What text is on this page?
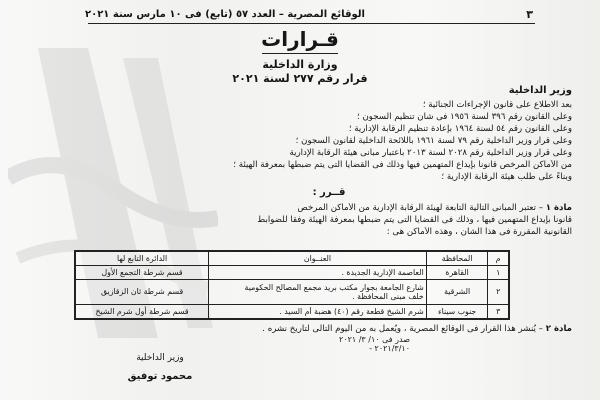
٣
الوقائع المصرية – العدد ٥٧ (تابع) فى ١٠ مارس سنة ٢٠٢١
قـرارات
وزارة الداخلية
قرار رقم ٢٧٧ لسنة ٢٠٢١
وزير الداخلية
بعد الاطلاع على قانون الإجراءات الجنائية ؛
وعلى القانون رقم ٣٩٦ لسنة ١٩٥٦ فى شأن تنظيم السجون ؛
وعلى القانون رقم ٥٤ لسنة ١٩٦٤ بإعادة تنظيم الرقابة الإدارية ؛
وعلى قرار وزير الداخلية رقم ٧٩ لسنة ١٩٦١ باللائحة الداخلية لقانون السجون ؛
وعلى قرار وزير الداخلية رقم ٢٠٢٨ لسنة ٢٠١٣ باعتبار مبانى هيئة الرقابة الإدارية
من الأماكن المرخص قانوناً بإيداع المتهمين فيها وذلك فى القضايا التى يتم ضبطها بمعرفة الهيئة ؛
وبناءً على طلب هيئة الرقابة الإدارية ؛
قــرر :
مادة ١ – تعتبر المبانى التالية التابعة لهيئة الرقابة الإدارية من الأماكن المرخص
قانوناً بإيداع المتهمين فيها ، وذلك فى القضايا التى يتم ضبطها بمعرفة الهيئة وفقاً للضوابط
القانونية المقررة فى هذا الشأن ، وهذه الأماكن هى :
م	المحافظة	العنــوان	الدائرة التابع لها
١	القاهرة	العاصمة الإدارية الجديدة .	قسم شرطة التجمع الأول
٢	الشرقية	شارع الجامعة بجوار مكتب بريد مجمع المصالح الحكومية
خلف مبنى المحافظة .	قسم شرطة ثان الزقازيق
٣	جنوب سيناء	شرم الشيخ قطعة رقم (٤٠) هضبة أم السيد .	قسم شرطة أول شرم الشيخ
مادة ٢ – يُنشر هذا القرار فى الوقائع المصرية ، ويُعمل به من اليوم التالى لتاريخ نشره .
صدر فى ١٠/ ٣/ ٢٠٢١
٢٠٢١/٣/١٠ -
وزير الداخلية
محمود توفيق
